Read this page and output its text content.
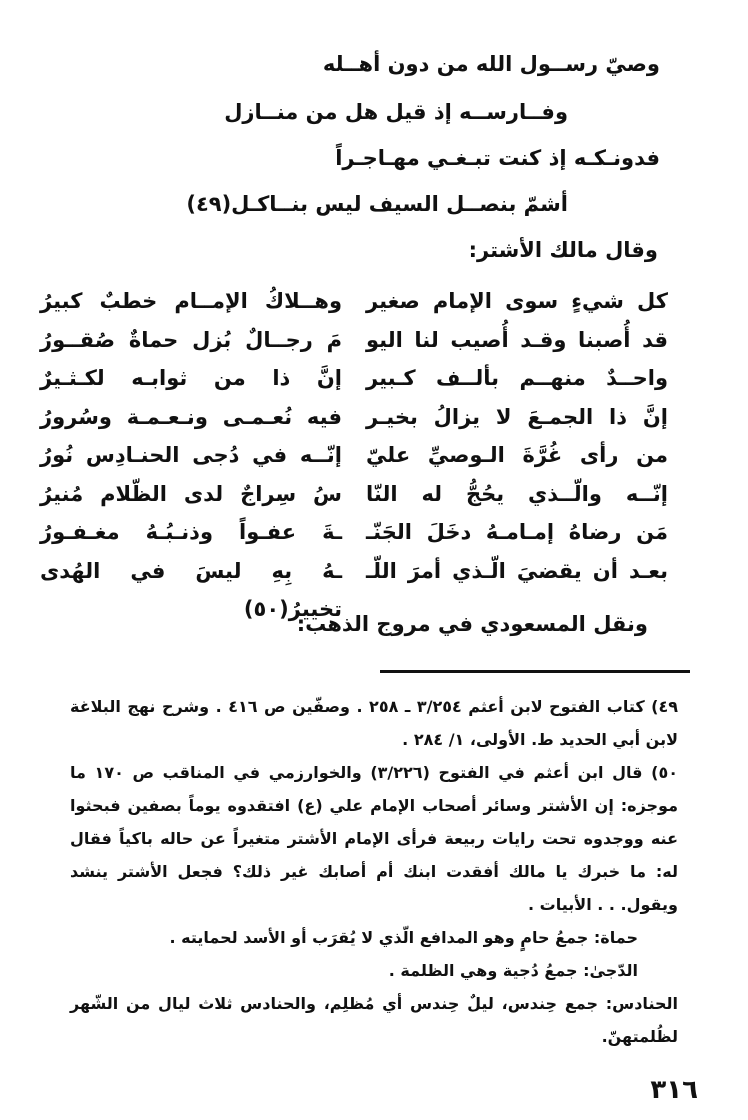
وصيّ رســول الله من دون أهــله
وفــارســه إذ قيل هل من منــازل
فدونـكـه إذ كنت تبـغـي مهـاجـراً
أشمّ بنصــل السيف ليس بنــاكـل(٤٩)
وقال مالك الأشتر:
كل شيءٍ سوى الإمام صغير
وهــلاكُ الإمــام خطبٌ كبيرُ
قد أُصبنا وقـد أُصيب لنا اليو
مَ رجــالٌ بُزل حماةٌ صُقــورُ
واحــدٌ منهــم بألــف كـبير
إنَّ ذا من ثوابـه لكـثـيرٌ
إنَّ ذا الجمـعَ لا يزالُ بخيـر
فيه نُعـمـى ونـعـمـة وسُرورُ
من رأى غُرَّةَ الـوصيِّ عليّ
إنّــه في دُجى الحنـادِس نُورُ
إنّــه والّــذي يحُجُّ له النّا
سُ سِراجٌ لدى الظّلام مُنيرُ
مَن رضاهُ إمـامـهُ دخَلَ الجَنّـ
ـةَ عفـواً وذنـبُـهُ مغـفـورُ
بعـد أن يقضيَ الّـذي أمرَ اللّـ
ـهُ بِهِ ليسَ في الهُدى تخييرُ(٥٠)
ونقل المسعودي في مروج الذهب:
٤٩) كتاب الفتوح لابن أعثم ٣/٢٥٤ ـ ٢٥٨ . وصفّين ص ٤١٦ . وشرح نهج البلاغة لابن أبي الحديد ط. الأولى، ١/ ٢٨٤ .
٥٠) قال ابن أعثم في الفتوح (٣/٢٢٦) والخوارزمي في المناقب ص ١٧٠ ما موجزه: إن الأشتر وسائر أصحاب الإمام علي (ع) افتقدوه يوماً بصفين فبحثوا عنه ووجدوه تحت رايات ربيعة فرأى الإمام الأشتر متغيراً عن حاله باكياً فقال له: ما خبرك يا مالك أفقدت ابنك أم أصابك غير ذلك؟ فجعل الأشتر ينشد ويقول. . . الأبيات .
حماة: جمعُ حامٍ وهو المدافع الّذي لا يُقرَب أو الأسد لحمايته .
الدّجىٰ: جمعُ دُجية وهي الظلمة .
الحنادس: جمع حِندس، ليلٌ حِندس أي مُظلِم، والحنادس ثلاث ليال من الشّهر لظُلمتهنّ.
٣١٦
